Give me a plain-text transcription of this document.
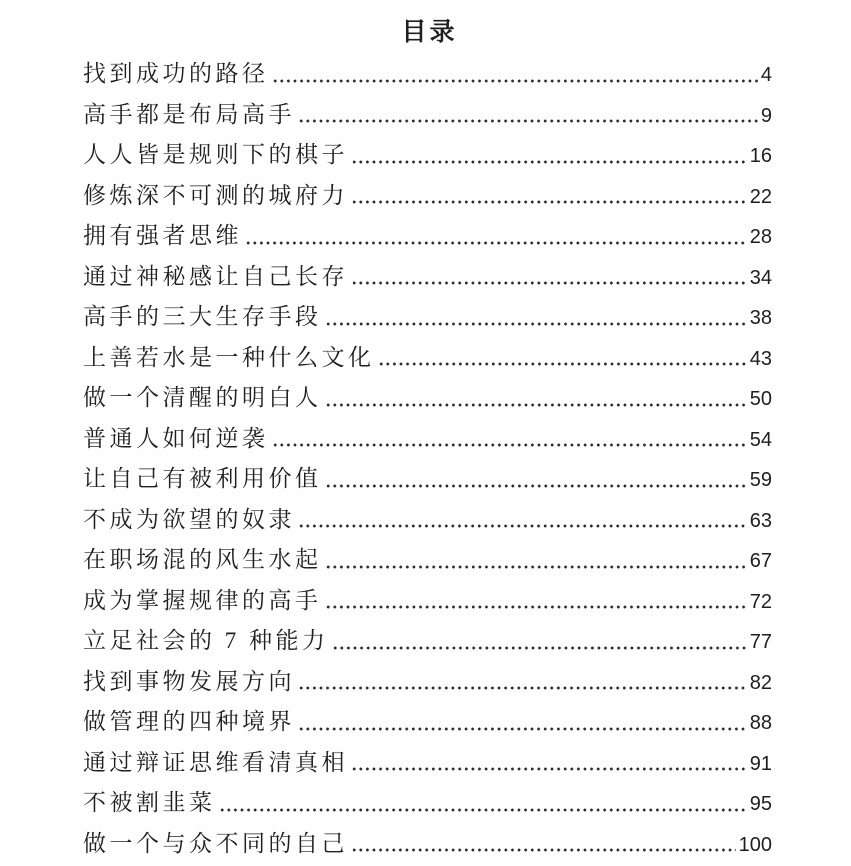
目录
找到成功的路径	4
高手都是布局高手	9
人人皆是规则下的棋子	16
修炼深不可测的城府力	22
拥有强者思维	28
通过神秘感让自己长存	34
高手的三大生存手段	38
上善若水是一种什么文化	43
做一个清醒的明白人	50
普通人如何逆袭	54
让自己有被利用价值	59
不成为欲望的奴隶	63
在职场混的风生水起	67
成为掌握规律的高手	72
立足社会的 7 种能力	77
找到事物发展方向	82
做管理的四种境界	88
通过辩证思维看清真相	91
不被割韭菜	95
做一个与众不同的自己	100
